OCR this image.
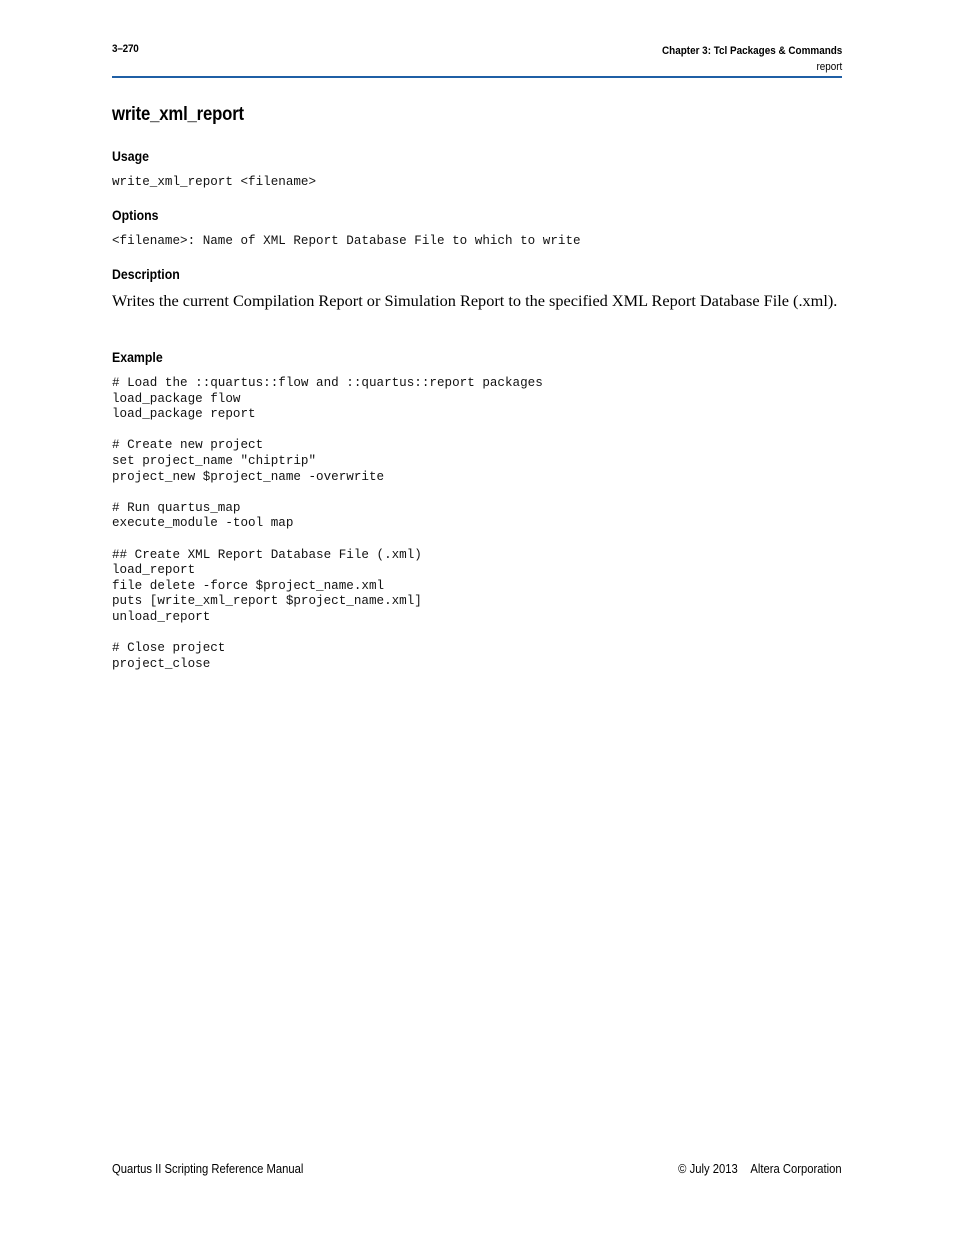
3–270	Chapter 3: Tcl Packages & Commands
report
write_xml_report
Usage
write_xml_report <filename>
Options
<filename>: Name of XML Report Database File to which to write
Description

Writes the current Compilation Report or Simulation Report to the specified XML Report Database File (.xml).

Example
# Load the ::quartus::flow and ::quartus::report packages
load_package flow
load_package report

# Create new project
set project_name "chiptrip"
project_new $project_name -overwrite

# Run quartus_map
execute_module -tool map

## Create XML Report Database File (.xml)
load_report
file delete -force $project_name.xml
puts [write_xml_report $project_name.xml]
unload_report

# Close project
project_close
Quartus II Scripting Reference Manual	© July 2013 Altera Corporation
